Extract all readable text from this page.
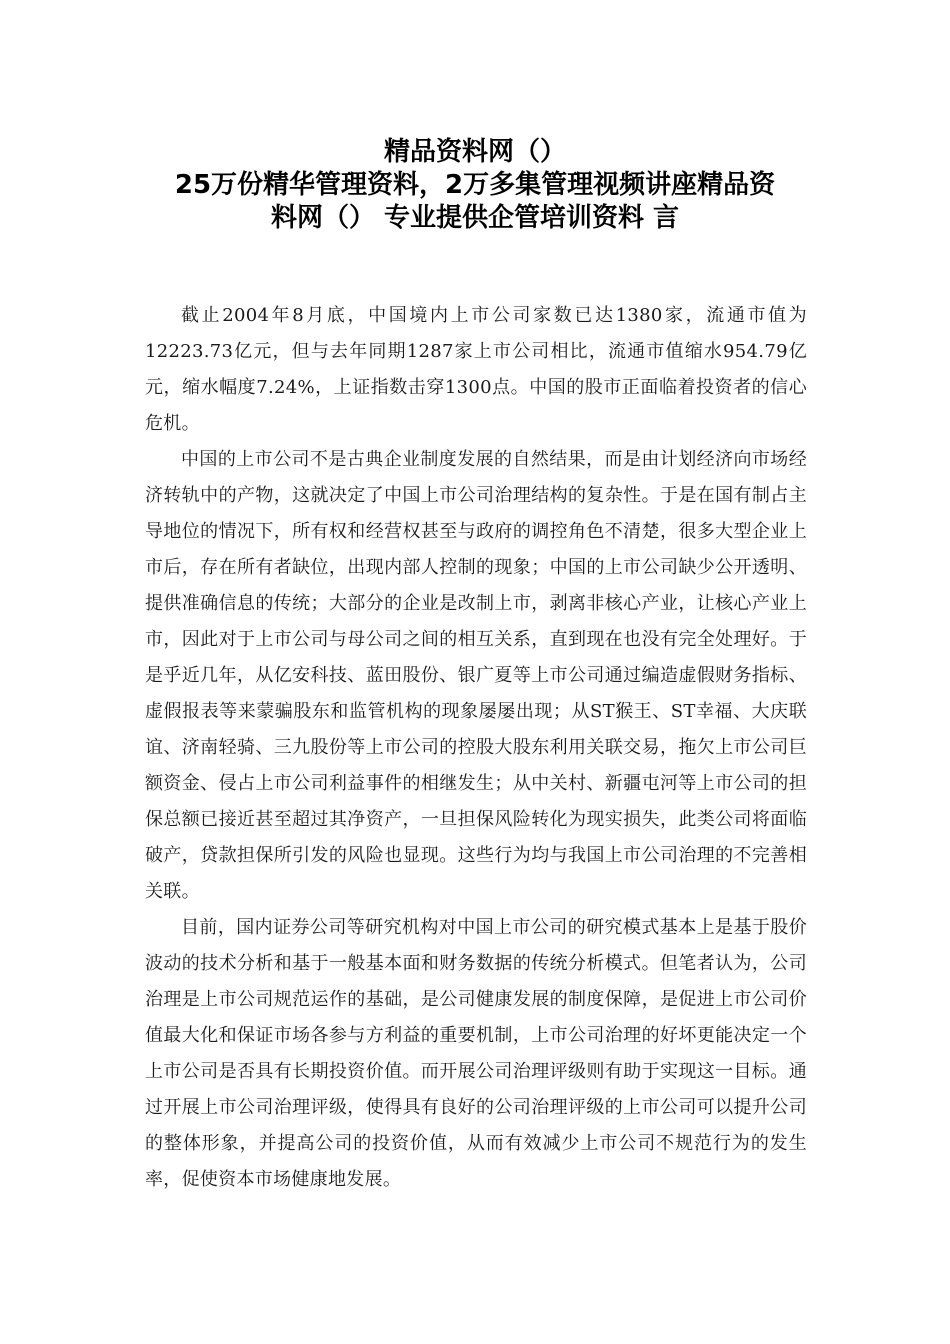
精品资料网（）
25万份精华管理资料，2万多集管理视频讲座精品资
料网（） 专业提供企管培训资料 言

截止2004年8月底，中国境内上市公司家数已达1380家，流通市值为12223.73亿元，但与去年同期1287家上市公司相比，流通市值缩水954.79亿元，缩水幅度7.24%，上证指数击穿1300点。中国的股市正面临着投资者的信心危机。

中国的上市公司不是古典企业制度发展的自然结果，而是由计划经济向市场经济转轨中的产物，这就决定了中国上市公司治理结构的复杂性。于是在国有制占主导地位的情况下，所有权和经营权甚至与政府的调控角色不清楚，很多大型企业上市后，存在所有者缺位，出现内部人控制的现象；中国的上市公司缺少公开透明、提供准确信息的传统；大部分的企业是改制上市，剥离非核心产业，让核心产业上市，因此对于上市公司与母公司之间的相互关系，直到现在也没有完全处理好。于是乎近几年，从亿安科技、蓝田股份、银广夏等上市公司通过编造虚假财务指标、虚假报表等来蒙骗股东和监管机构的现象屡屡出现；从ST猴王、ST幸福、大庆联谊、济南轻骑、三九股份等上市公司的控股大股东利用关联交易，拖欠上市公司巨额资金、侵占上市公司利益事件的相继发生；从中关村、新疆屯河等上市公司的担保总额已接近甚至超过其净资产，一旦担保风险转化为现实损失，此类公司将面临破产，贷款担保所引发的风险也显现。这些行为均与我国上市公司治理的不完善相关联。

目前，国内证券公司等研究机构对中国上市公司的研究模式基本上是基于股价波动的技术分析和基于一般基本面和财务数据的传统分析模式。但笔者认为，公司治理是上市公司规范运作的基础，是公司健康发展的制度保障，是促进上市公司价值最大化和保证市场各参与方利益的重要机制，上市公司治理的好坏更能决定一个上市公司是否具有长期投资价值。而开展公司治理评级则有助于实现这一目标。通过开展上市公司治理评级，使得具有良好的公司治理评级的上市公司可以提升公司的整体形象，并提高公司的投资价值，从而有效减少上市公司不规范行为的发生率，促使资本市场健康地发展。
